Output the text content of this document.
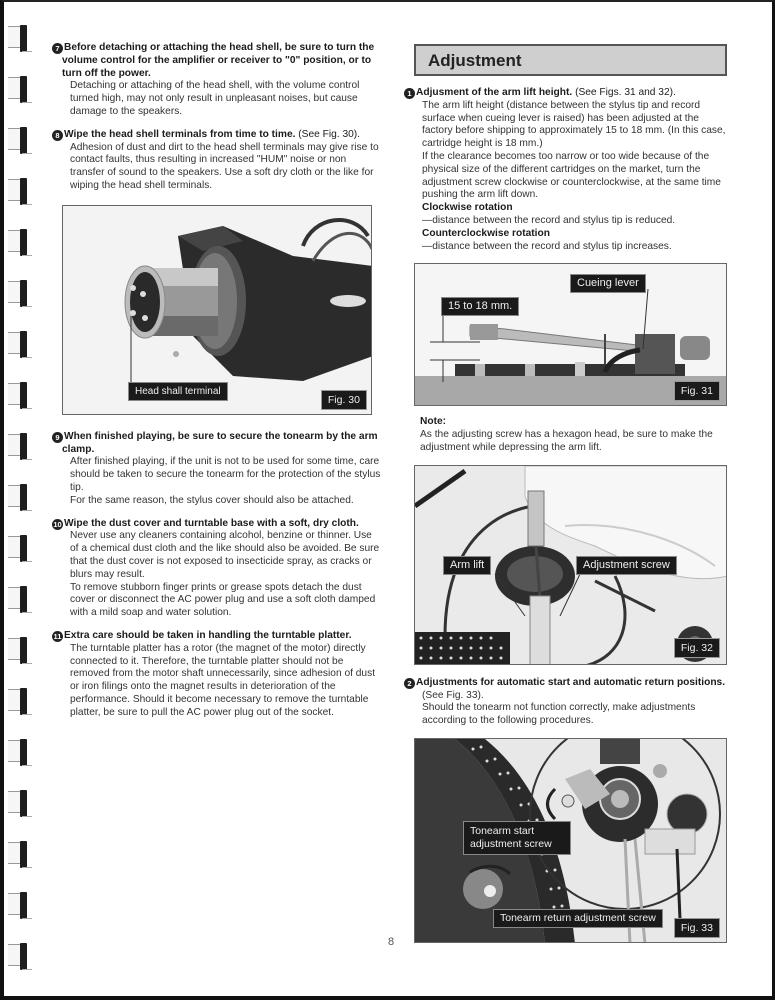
7 Before detaching or attaching the head shell, be sure to turn the volume control for the amplifier or receiver to "0" position, or to turn off the power.

Detaching or attaching of the head shell, with the volume control turned high, may not only result in unpleasant noises, but cause damage to the speakers.

8 Wipe the head shell terminals from time to time. (See Fig. 30).

Adhesion of dust and dirt to the head shell terminals may give rise to contact faults, thus resulting in increased "HUM" noise or non transfer of sound to the speakers. Use a soft dry cloth or the like for wiping the head shell terminals.

Head shall terminal
Fig. 30

9 When finished playing, be sure to secure the tonearm by the arm clamp.

After finished playing, if the unit is not to be used for some time, care should be taken to secure the tonearm for the protection of the stylus tip.

For the same reason, the stylus cover should also be attached.

10 Wipe the dust cover and turntable base with a soft, dry cloth.

Never use any cleaners containing alcohol, benzine or thinner. Use of a chemical dust cloth and the like should also be avoided. Be sure that the dust cover is not exposed to insecticide spray, as cracks or blurs may result.

To remove stubborn finger prints or grease spots detach the dust cover or disconnect the AC power plug and use a soft cloth damped with a mild soap and water solution.

11 Extra care should be taken in handling the turntable platter.

The turntable platter has a rotor (the magnet of the motor) directly connected to it. Therefore, the turntable platter should not be removed from the motor shaft unnecessarily, since adhesion of dust or iron filings onto the magnet results in deterioration of the performance. Should it become necessary to remove the turntable platter, be sure to pull the AC power plug out of the socket.

Adjustment

1 Adjusment of the arm lift height. (See Figs. 31 and 32).

The arm lift height (distance between the stylus tip and record surface when cueing lever is raised) has been adjusted at the factory before shipping to approximately 15 to 18 mm. (In this case, cartridge height is 18 mm.)

If the clearance becomes too narrow or too wide because of the physical size of the different cartridges on the market, turn the adjustment screw clockwise or counterclockwise, at the same time pushing the arm lift down.

Clockwise rotation

—distance between the record and stylus tip is reduced.

Counterclockwise rotation

—distance between the record and stylus tip increases.

15 to 18 mm.
Cueing lever
Fig. 31

Note:

As the adjusting screw has a hexagon head, be sure to make the adjustment while depressing the arm lift.

Arm lift	Adjustment screw
Fig. 32

2 Adjustments for automatic start and automatic return positions.

(See Fig. 33).

Should the tonearm not function correctly, make adjustments according to the following procedures.

Tonearm start adjustment screw
Tonearm return adjustment screw
Fig. 33
8
